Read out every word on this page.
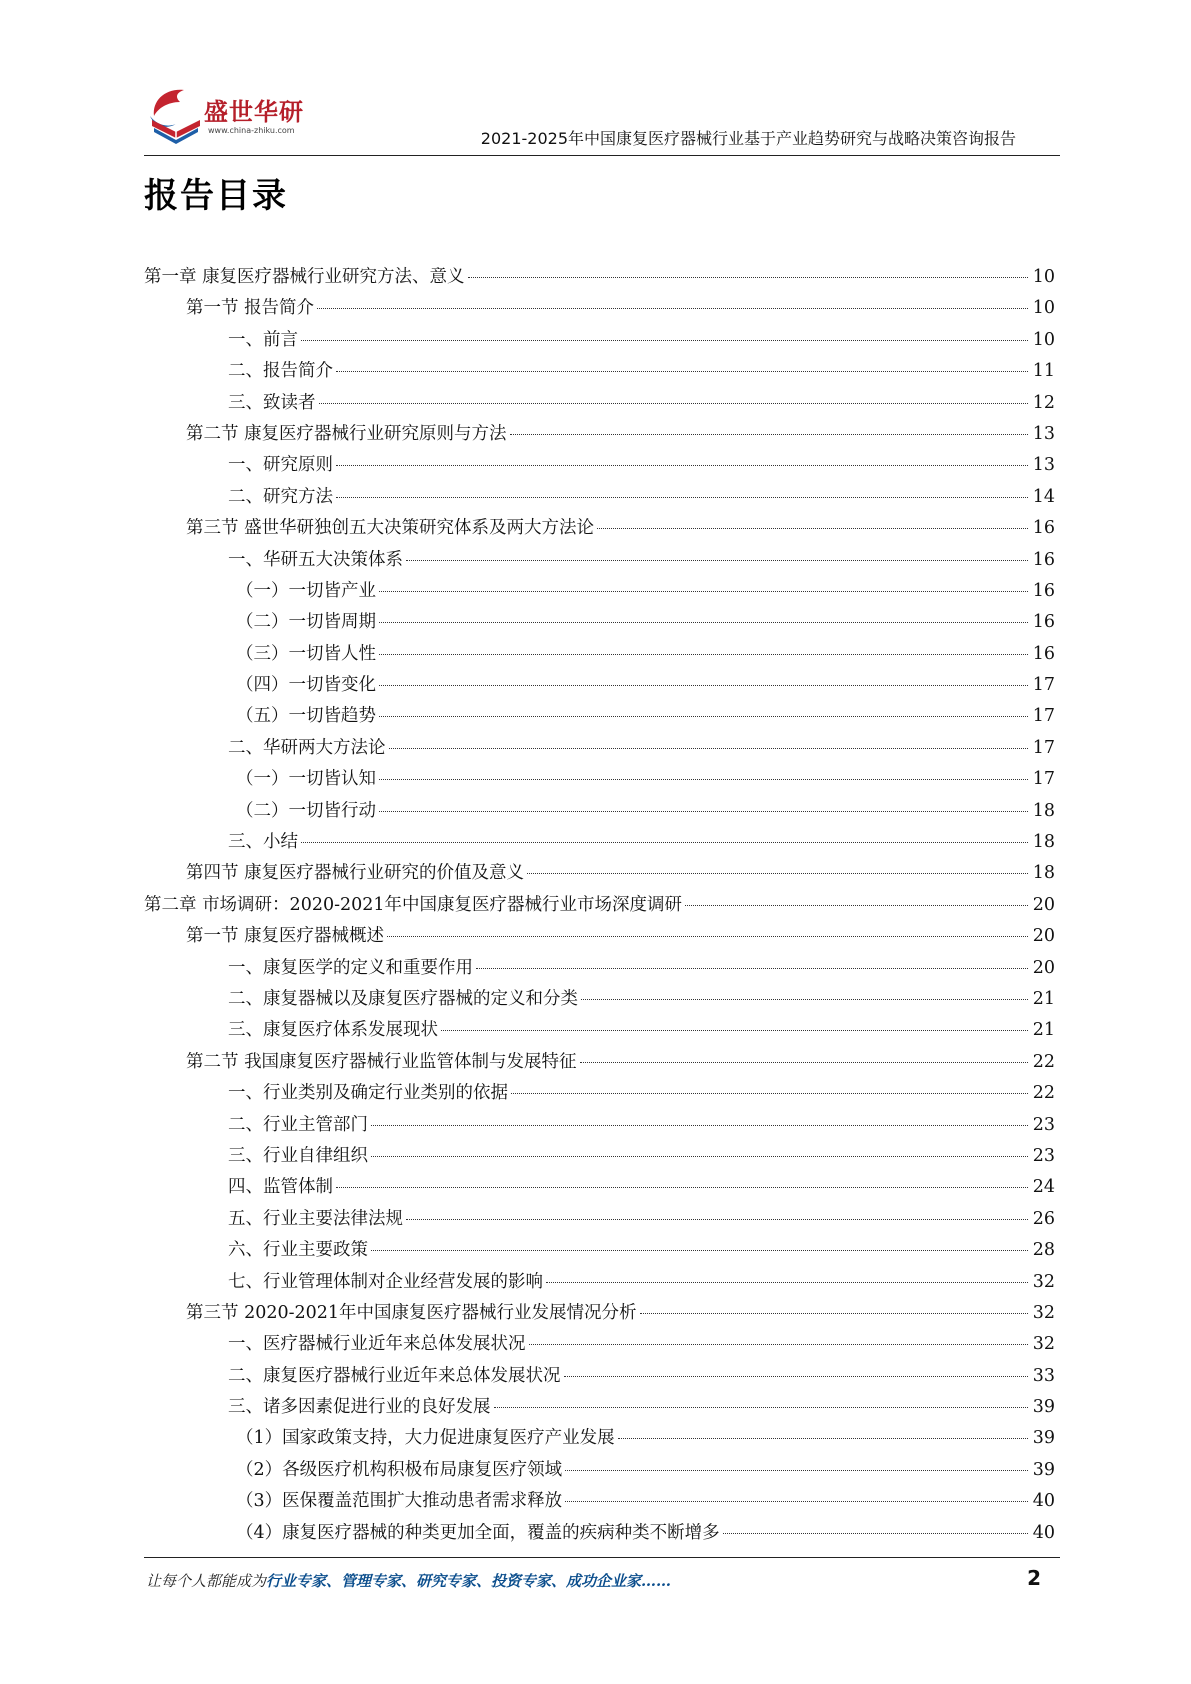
盛世华研
www.china-zhiku.com	2021-2025年中国康复医疗器械行业基于产业趋势研究与战略决策咨询报告
报告目录
第一章 康复医疗器械行业研究方法、意义	10
第一节 报告简介	10
一、前言	10
二、报告简介	11
三、致读者	12
第二节 康复医疗器械行业研究原则与方法	13
一、研究原则	13
二、研究方法	14
第三节 盛世华研独创五大决策研究体系及两大方法论	16
一、华研五大决策体系	16
（一）一切皆产业	16
（二）一切皆周期	16
（三）一切皆人性	16
（四）一切皆变化	17
（五）一切皆趋势	17
二、华研两大方法论	17
（一）一切皆认知	17
（二）一切皆行动	18
三、小结	18
第四节 康复医疗器械行业研究的价值及意义	18
第二章 市场调研：2020-2021年中国康复医疗器械行业市场深度调研	20
第一节 康复医疗器械概述	20
一、康复医学的定义和重要作用	20
二、康复器械以及康复医疗器械的定义和分类	21
三、康复医疗体系发展现状	21
第二节 我国康复医疗器械行业监管体制与发展特征	22
一、行业类别及确定行业类别的依据	22
二、行业主管部门	23
三、行业自律组织	23
四、监管体制	24
五、行业主要法律法规	26
六、行业主要政策	28
七、行业管理体制对企业经营发展的影响	32
第三节 2020-2021年中国康复医疗器械行业发展情况分析	32
一、医疗器械行业近年来总体发展状况	32
二、康复医疗器械行业近年来总体发展状况	33
三、诸多因素促进行业的良好发展	39
（1）国家政策支持，大力促进康复医疗产业发展	39
（2）各级医疗机构积极布局康复医疗领域	39
（3）医保覆盖范围扩大推动患者需求释放	40
（4）康复医疗器械的种类更加全面，覆盖的疾病种类不断增多	40
让每个人都能成为行业专家、管理专家、研究专家、投资专家、成功企业家……	2
